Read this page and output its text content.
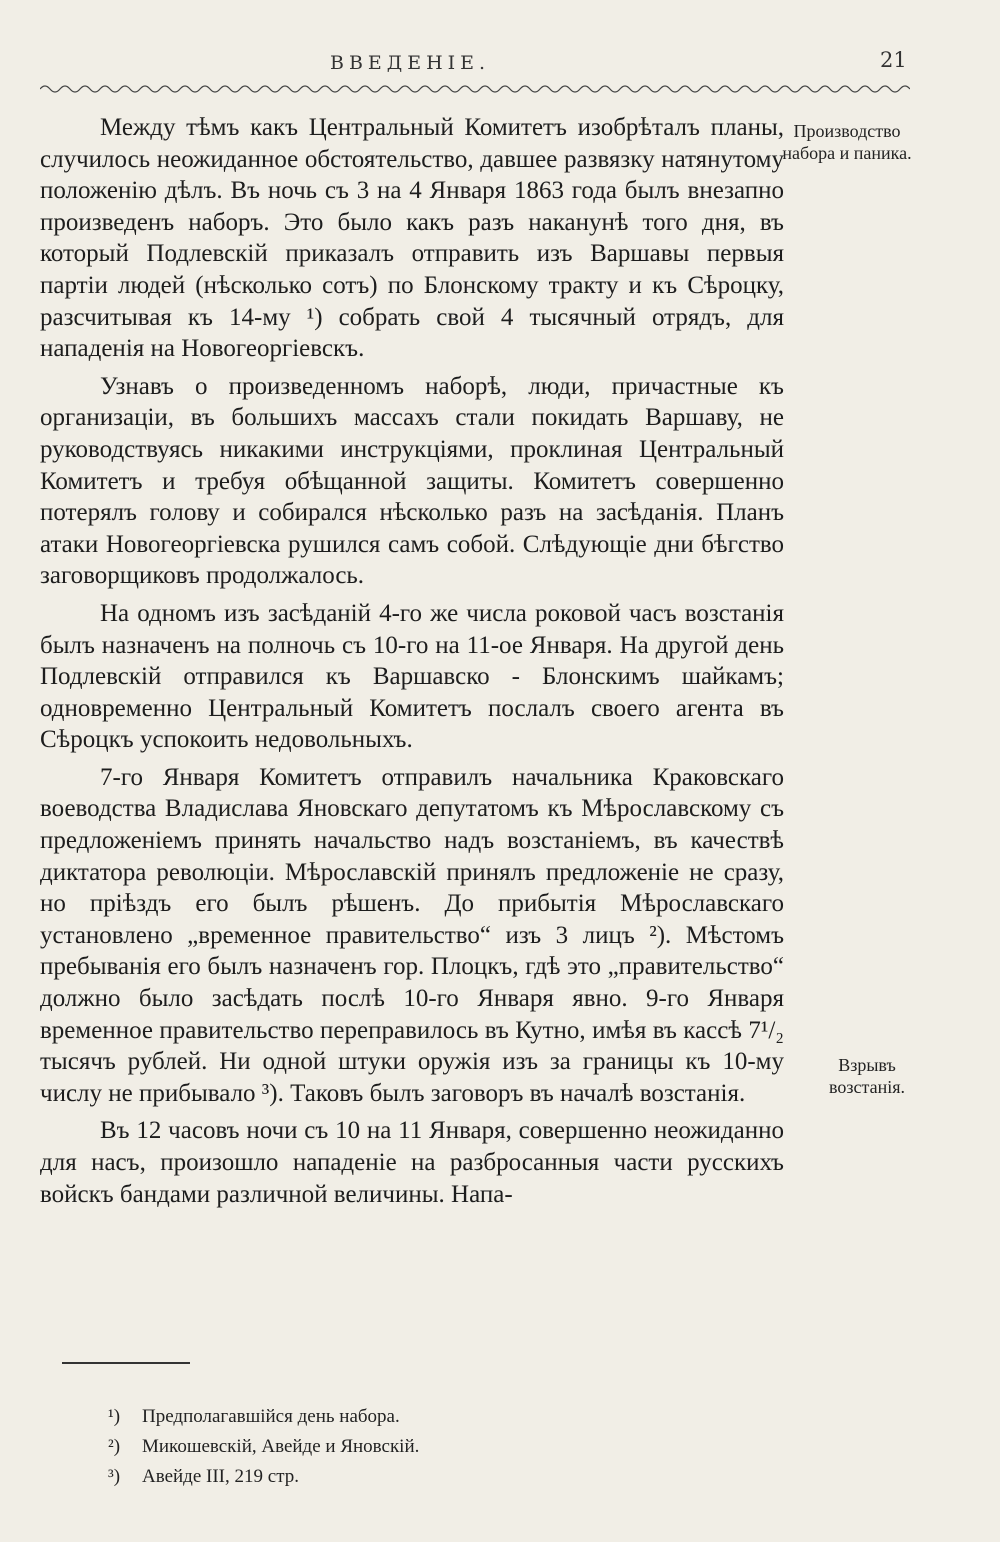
ВВЕДЕНІЕ.	21

Между тѣмъ какъ Центральный Комитетъ изобрѣталъ планы, случилось неожиданное обстоятельство, давшее развязку натянутому положенію дѣлъ. Въ ночь съ 3 на 4 Января 1863 года былъ внезапно произведенъ наборъ. Это было какъ разъ наканунѣ того дня, въ который Подлевскій приказалъ отправить изъ Варшавы первыя партіи людей (нѣсколько сотъ) по Блонскому тракту и къ Сѣроцку, разсчитывая къ 14-му ¹) собрать свой 4 тысячный отрядъ, для нападенія на Новогеоргіевскъ.

Узнавъ о произведенномъ наборѣ, люди, причастные къ организаціи, въ большихъ массахъ стали покидать Варшаву, не руководствуясь никакими инструкціями, проклиная Центральный Комитетъ и требуя обѣщанной защиты. Комитетъ совершенно потерялъ голову и собирался нѣсколько разъ на засѣданія. Планъ атаки Новогеоргіевска рушился самъ собой. Слѣдующіе дни бѣгство заговорщиковъ продолжалось.

На одномъ изъ засѣданій 4-го же числа роковой часъ возстанія былъ назначенъ на полночь съ 10-го на 11-ое Января. На другой день Подлевскій отправился къ Варшавско - Блонскимъ шайкамъ; одновременно Центральный Комитетъ послалъ своего агента въ Сѣроцкъ успокоить недовольныхъ.

7-го Января Комитетъ отправилъ начальника Краковскаго воеводства Владислава Яновскаго депутатомъ къ Мѣрославскому съ предложеніемъ принять начальство надъ возстаніемъ, въ качествѣ диктатора революціи. Мѣрославскій принялъ предложеніе не сразу, но пріѣздъ его былъ рѣшенъ. До прибытія Мѣрославскаго установлено „временное правительство“ изъ 3 лицъ ²). Мѣстомъ пребыванія его былъ назначенъ гор. Плоцкъ, гдѣ это „правительство“ должно было засѣдать послѣ 10-го Января явно. 9-го Января временное правительство переправилось въ Кутно, имѣя въ кассѣ 7¹/₂ тысячъ рублей. Ни одной штуки оружія изъ за границы къ 10-му числу не прибывало ³). Таковъ былъ заговоръ въ началѣ возстанія.

Въ 12 часовъ ночи съ 10 на 11 Января, совершенно неожиданно для насъ, произошло нападеніе на разбросанныя части русскихъ войскъ бандами различной величины. Напа-

Производство набора и паника.
Взрывъ возстанія.
¹)	Предполагавшійся день набора.
²)	Микошевскій, Авейде и Яновскій.
³)	Авейде III, 219 стр.
